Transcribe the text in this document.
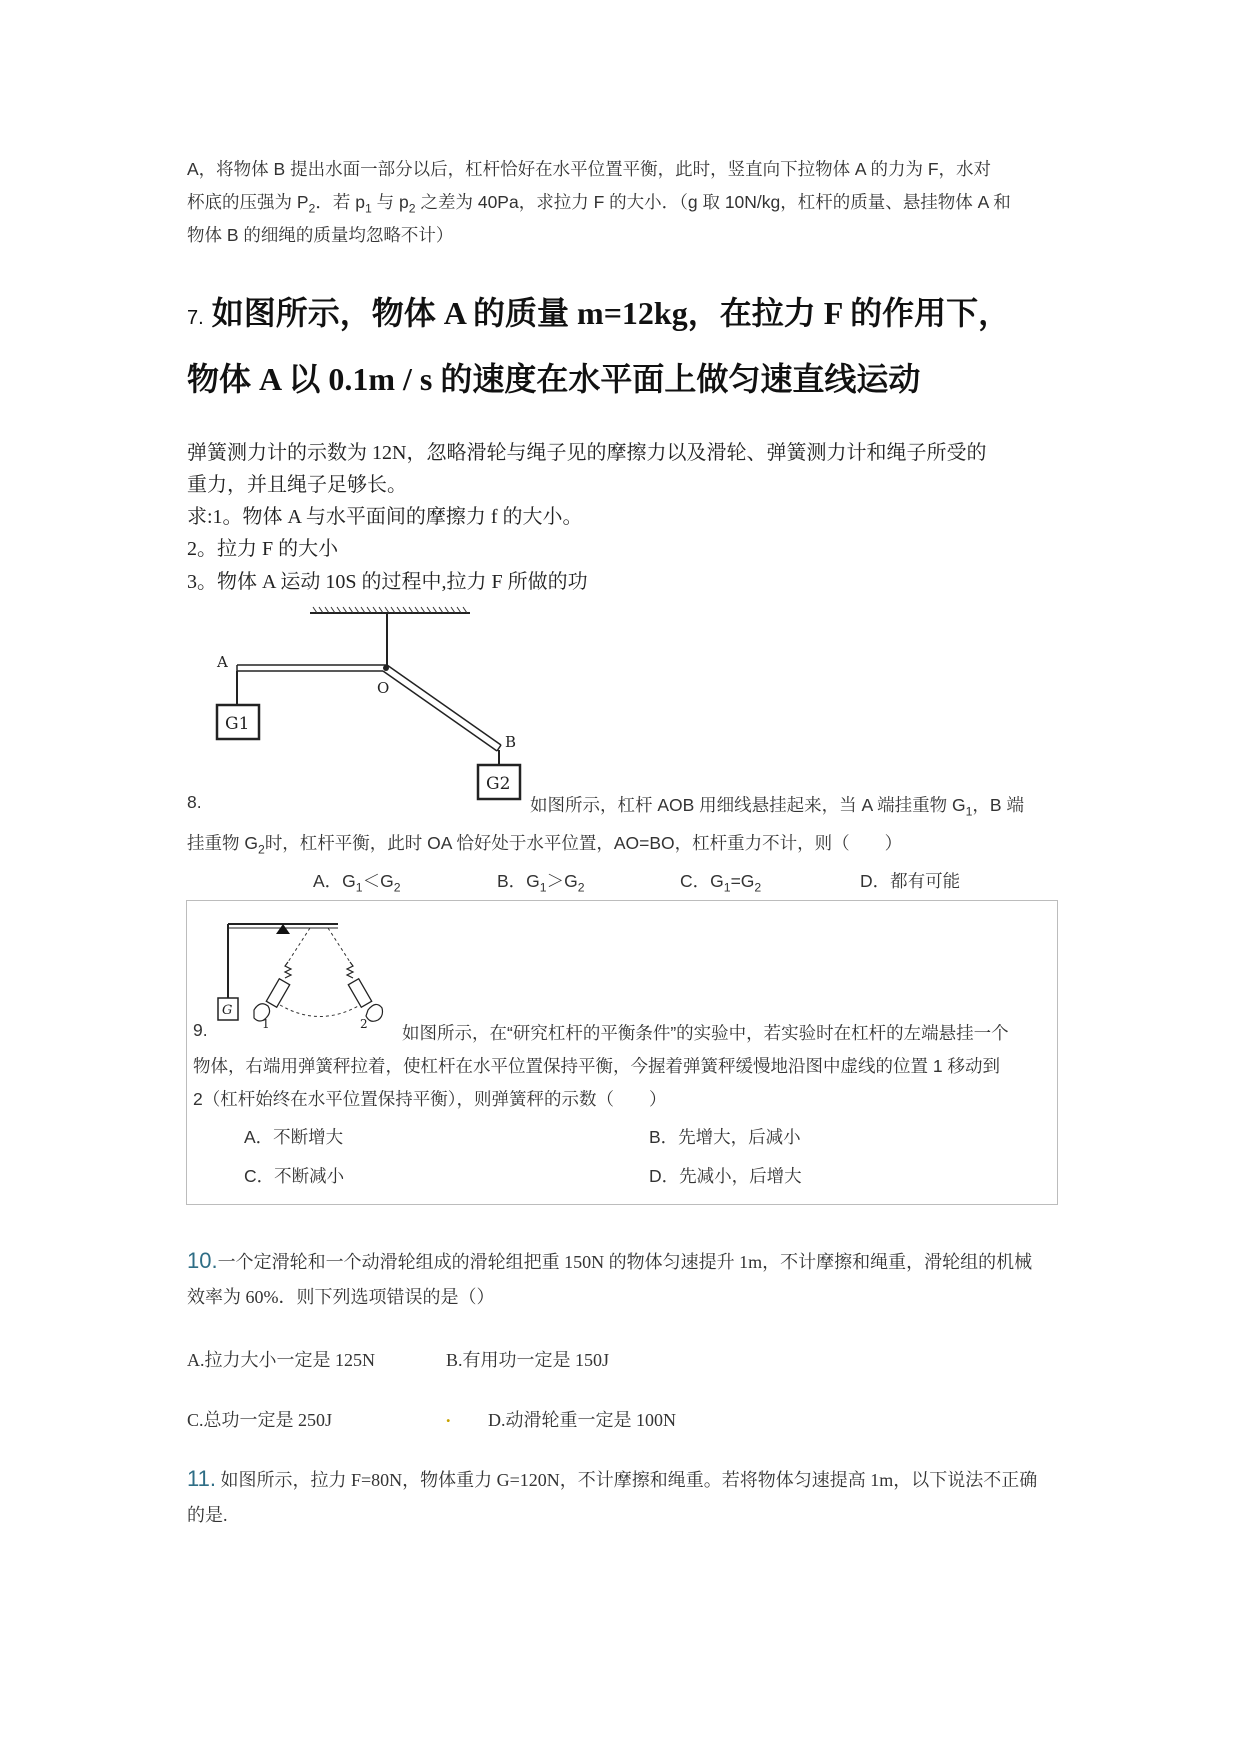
A，将物体 B 提出水面一部分以后，杠杆恰好在水平位置平衡，此时，竖直向下拉物体 A 的力为 F，水对
杯底的压强为 $P_2$．若 $p_1$ 与 $p_2$ 之差为 40Pa，求拉力 F 的大小．（g 取 10N/kg，杠杆的质量、悬挂物体 A 和
物体 B 的细绳的质量均忽略不计）
7. 如图所示，物体 A 的质量 m=12kg，在拉力 F 的作用下，
物体 A 以 0.1m / s 的速度在水平面上做匀速直线运动
弹簧测力计的示数为 12N，忽略滑轮与绳子见的摩擦力以及滑轮、弹簧测力计和绳子所受的
重力，并且绳子足够长。
求:1。物体 A 与水平面间的摩擦力 f 的大小。
2。拉力 F 的大小
3。物体 A 运动 10S 的过程中,拉力 F 所做的功
A
O
B
G1
G2
8.	如图所示，杠杆 AOB 用细线悬挂起来，当 A 端挂重物 $G_1$，B 端
挂重物 $G_2$时，杠杆平衡，此时 OA 恰好处于水平位置，AO=BO，杠杆重力不计，则（　　）
A．$G_1<G_2$	B．$G_1>G_2$	C．$G_1=G_2$	D．都有可能
G
1	2
9.	如图所示，在“研究杠杆的平衡条件”的实验中，若实验时在杠杆的左端悬挂一个
物体，右端用弹簧秤拉着，使杠杆在水平位置保持平衡，今握着弹簧秤缓慢地沿图中虚线的位置 1 移动到
2（杠杆始终在水平位置保持平衡），则弹簧秤的示数（　　）
A．不断增大	B．先增大，后减小
C．不断减小	D．先减小，后增大
10.一个定滑轮和一个动滑轮组成的滑轮组把重 150N 的物体匀速提升 1m，不计摩擦和绳重，滑轮组的机械
效率为 60%．则下列选项错误的是（）
A.拉力大小一定是 125N	B.有用功一定是 150J
C.总功一定是 250J	. D.动滑轮重一定是 100N
11. 如图所示，拉力 F=80N，物体重力 G=120N，不计摩擦和绳重。若将物体匀速提高 1m，以下说法不正确
的是.
